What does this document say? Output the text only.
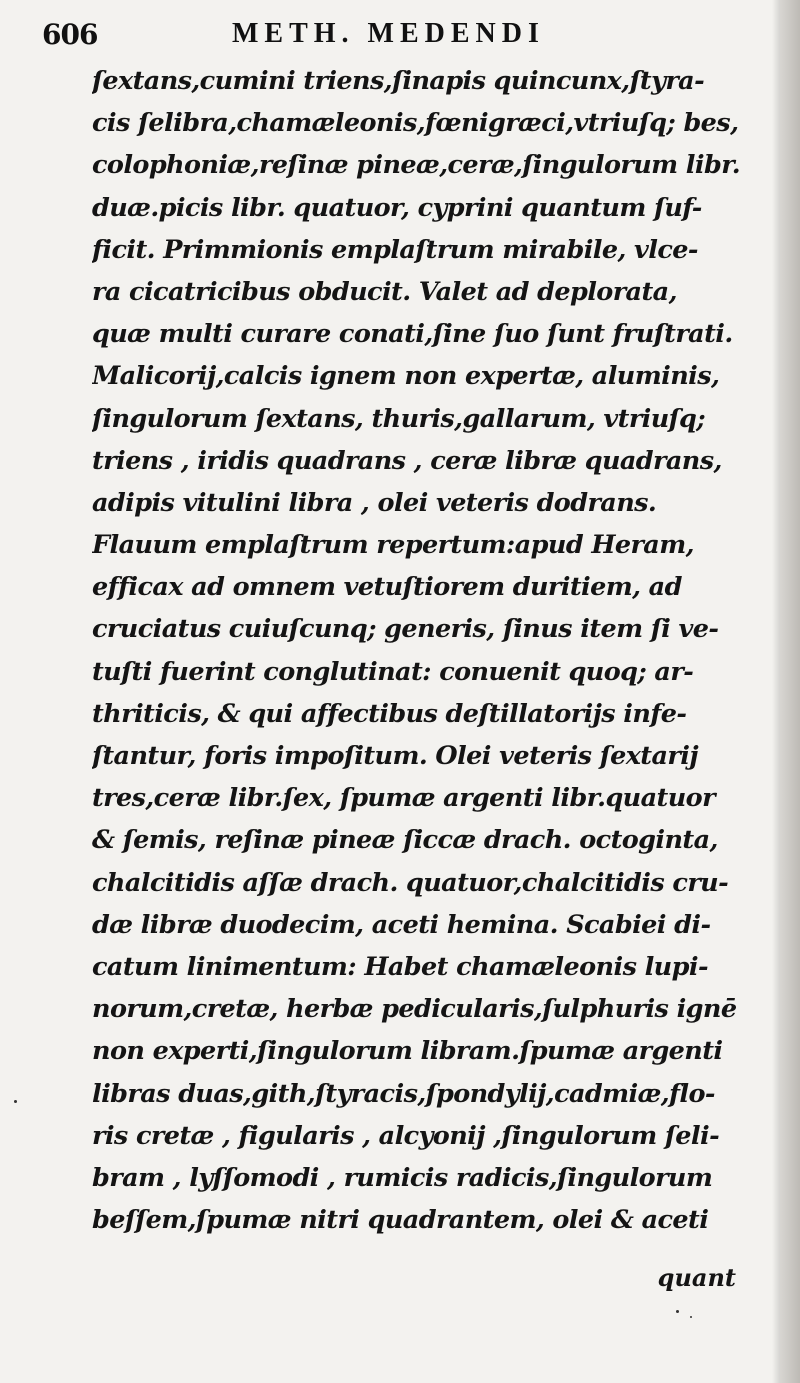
606	METH. MEDENDI
ſextans,cumini triens,ſinapis quincunx,ſtyra-
cis ſelibra,chamæleonis,fœnigræci,vtriuſq; bes,
colophoniæ,reſinæ pineæ,ceræ,ſingulorum libr.
duæ.picis libr. quatuor, cyprini quantum ſuf-
ficit. Primmionis emplaſtrum mirabile, vlce-
ra cicatricibus obducit. Valet ad deplorata,
quæ multi curare conati,ſine ſuo ſunt fruſtrati.
Malicorij,calcis ignem non expertæ, aluminis,
ſingulorum ſextans, thuris,gallarum, vtriuſq;
triens , iridis quadrans , ceræ libræ quadrans,
adipis vitulini libra , olei veteris dodrans.
Flauum emplaſtrum repertum:apud Heram,
efficax ad omnem vetuſtiorem duritiem, ad
cruciatus cuiuſcunq; generis, ſinus item ſi ve-
tuſti fuerint conglutinat: conuenit quoq; ar-
thriticis, & qui affectibus deſtillatorijs infe-
ſtantur, foris impoſitum. Olei veteris ſextarij
tres,ceræ libr.ſex, ſpumæ argenti libr.quatuor
& ſemis, reſinæ pineæ ſiccæ drach. octoginta,
chalcitidis aſſæ drach. quatuor,chalcitidis cru-
dæ libræ duodecim, aceti hemina. Scabiei di-
catum linimentum: Habet chamæleonis lupi-
norum,cretæ, herbæ pedicularis,ſulphuris ignē
non experti,ſingulorum libram.ſpumæ argenti
libras duas,gith,ſtyracis,ſpondylij,cadmiæ,flo-
ris cretæ , figularis , alcyonij ,ſingulorum ſeli-
bram , lyſſomodi , rumicis radicis,ſingulorum
beſſem,ſpumæ nitri quadrantem, olei & aceti
quant
